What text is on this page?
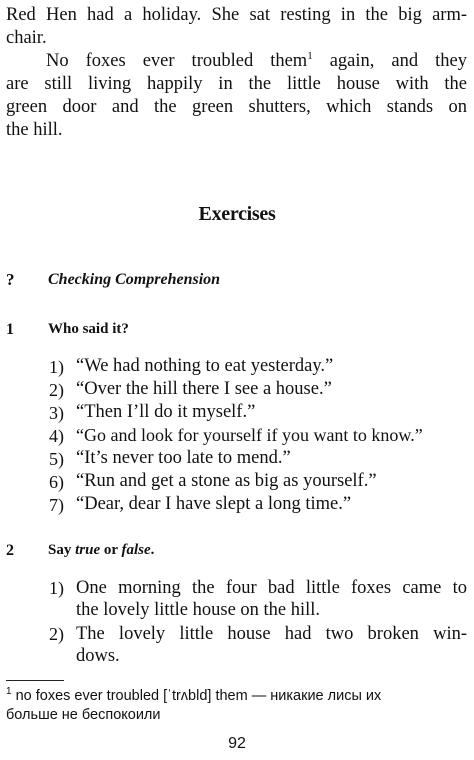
Red Hen had a holiday. She sat resting in the big arm-
chair.
No foxes ever troubled them$^1$ again, and they
are still living happily in the little house with the
green door and the green shutters, which stands on
the hill.
Exercises
? Checking Comprehension
1 Who said it?
1) “We had nothing to eat yesterday.”
2) “Over the hill there I see a house.”
3) “Then I’ll do it myself.”
4) “Go and look for yourself if you want to know.”
5) “It’s never too late to mend.”
6) “Run and get a stone as big as yourself.”
7) “Dear, dear I have slept a long time.”
2 Say true or false.
1) One morning the four bad little foxes came to
the lovely little house on the hill.
2) The lovely little house had two broken win-
dows.
$^1$ no foxes ever troubled [ˈtrʌbld] them — никакие лисы их
больше не беспокоили
92
